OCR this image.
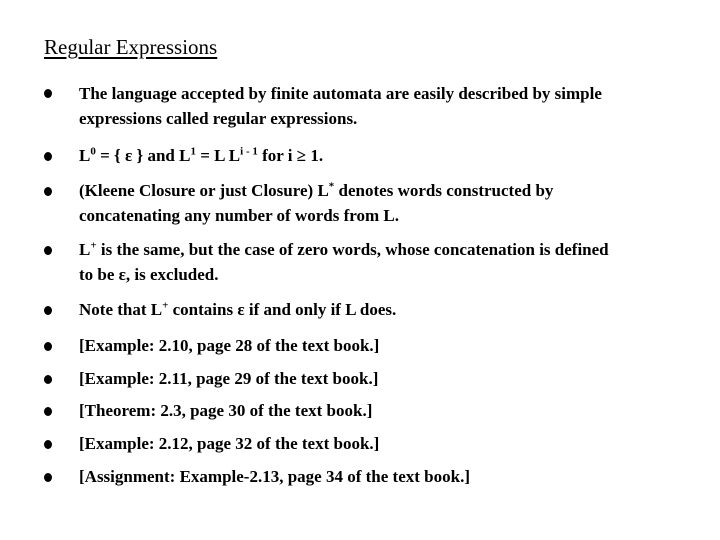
Regular Expressions
The language accepted by finite automata are easily described by simple
expressions called regular expressions.
$L^0$ = { ε } and $L^1 = L$ $L^{i - 1}$ for i ≥ 1.
(Kleene Closure or just Closure) L* denotes words constructed by
concatenating any number of words from L.
L+ is the same, but the case of zero words, whose concatenation is defined
to be ε, is excluded.
Note that L+ contains ε if and only if L does.
[Example: 2.10, page 28 of the text book.]
[Example: 2.11, page 29 of the text book.]
[Theorem: 2.3, page 30 of the text book.]
[Example: 2.12, page 32 of the text book.]
[Assignment: Example-2.13, page 34 of the text book.]
